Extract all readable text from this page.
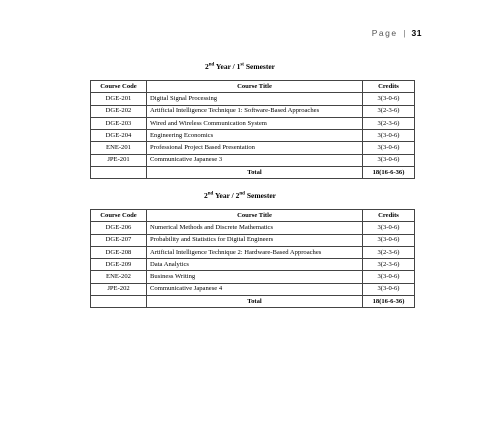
Page | 31
2nd Year / 1st Semester
Course Code	Course Title	Credits
DGE-201	Digital Signal Processing	3(3-0-6)
DGE-202	Artificial Intelligence Technique 1: Software-Based Approaches	3(2-3-6)
DGE-203	Wired and Wireless Communication System	3(2-3-6)
DGE-204	Engineering Economics	3(3-0-6)
ENE-201	Professional Project Based Presentation	3(3-0-6)
JPE-201	Communicative Japanese 3	3(3-0-6)
	Total	18(16-6-36)
2nd Year / 2nd Semester
Course Code	Course Title	Credits
DGE-206	Numerical Methods and Discrete Mathematics	3(3-0-6)
DGE-207	Probability and Statistics for Digital Engineers	3(3-0-6)
DGE-208	Artificial Intelligence Technique 2: Hardware-Based Approaches	3(2-3-6)
DGE-209	Data Analytics	3(2-3-6)
ENE-202	Business Writing	3(3-0-6)
JPE-202	Communicative Japanese 4	3(3-0-6)
	Total	18(16-6-36)
